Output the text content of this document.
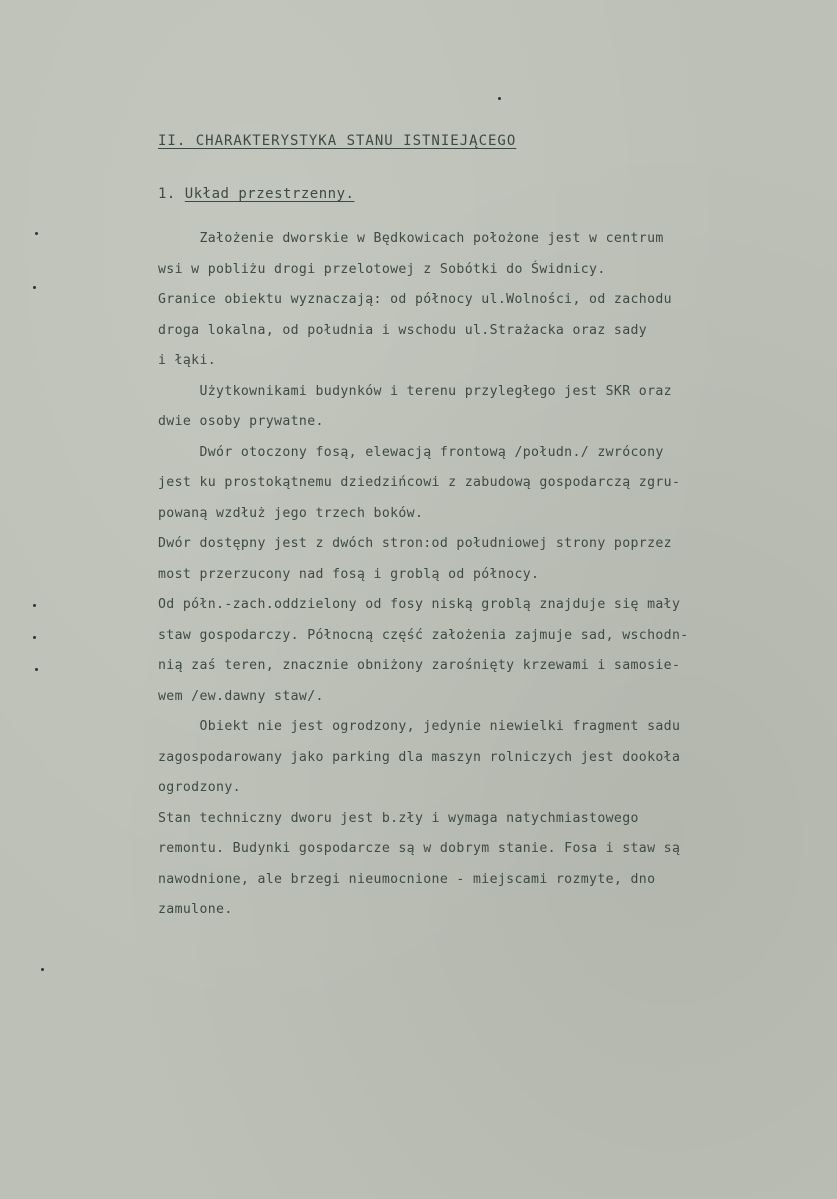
II. CHARAKTERYSTYKA STANU ISTNIEJĄCEGO
1. Układ przestrzenny.
Założenie dworskie w Będkowicach położone jest w centrum
wsi w pobliżu drogi przelotowej z Sobótki do Świdnicy.
Granice obiektu wyznaczają: od północy ul.Wolności, od zachodu
droga lokalna, od południa i wschodu ul.Strażacka oraz sady
i łąki.
Użytkownikami budynków i terenu przyległego jest SKR oraz
dwie osoby prywatne.
Dwór otoczony fosą, elewacją frontową /połudn./ zwrócony
jest ku prostokątnemu dziedzińcowi z zabudową gospodarczą zgru-
powaną wzdłuż jego trzech boków.
Dwór dostępny jest z dwóch stron:od południowej strony poprzez
most przerzucony nad fosą i groblą od północy.
Od półn.-zach.oddzielony od fosy niską groblą znajduje się mały
staw gospodarczy. Północną część założenia zajmuje sad, wschodn-
nią zaś teren, znacznie obniżony zarośnięty krzewami i samosie-
wem /ew.dawny staw/.
Obiekt nie jest ogrodzony, jedynie niewielki fragment sadu
zagospodarowany jako parking dla maszyn rolniczych jest dookoła
ogrodzony.
Stan techniczny dworu jest b.zły i wymaga natychmiastowego
remontu. Budynki gospodarcze są w dobrym stanie. Fosa i staw są
nawodnione, ale brzegi nieumocnione - miejscami rozmyte, dno
zamulone.
